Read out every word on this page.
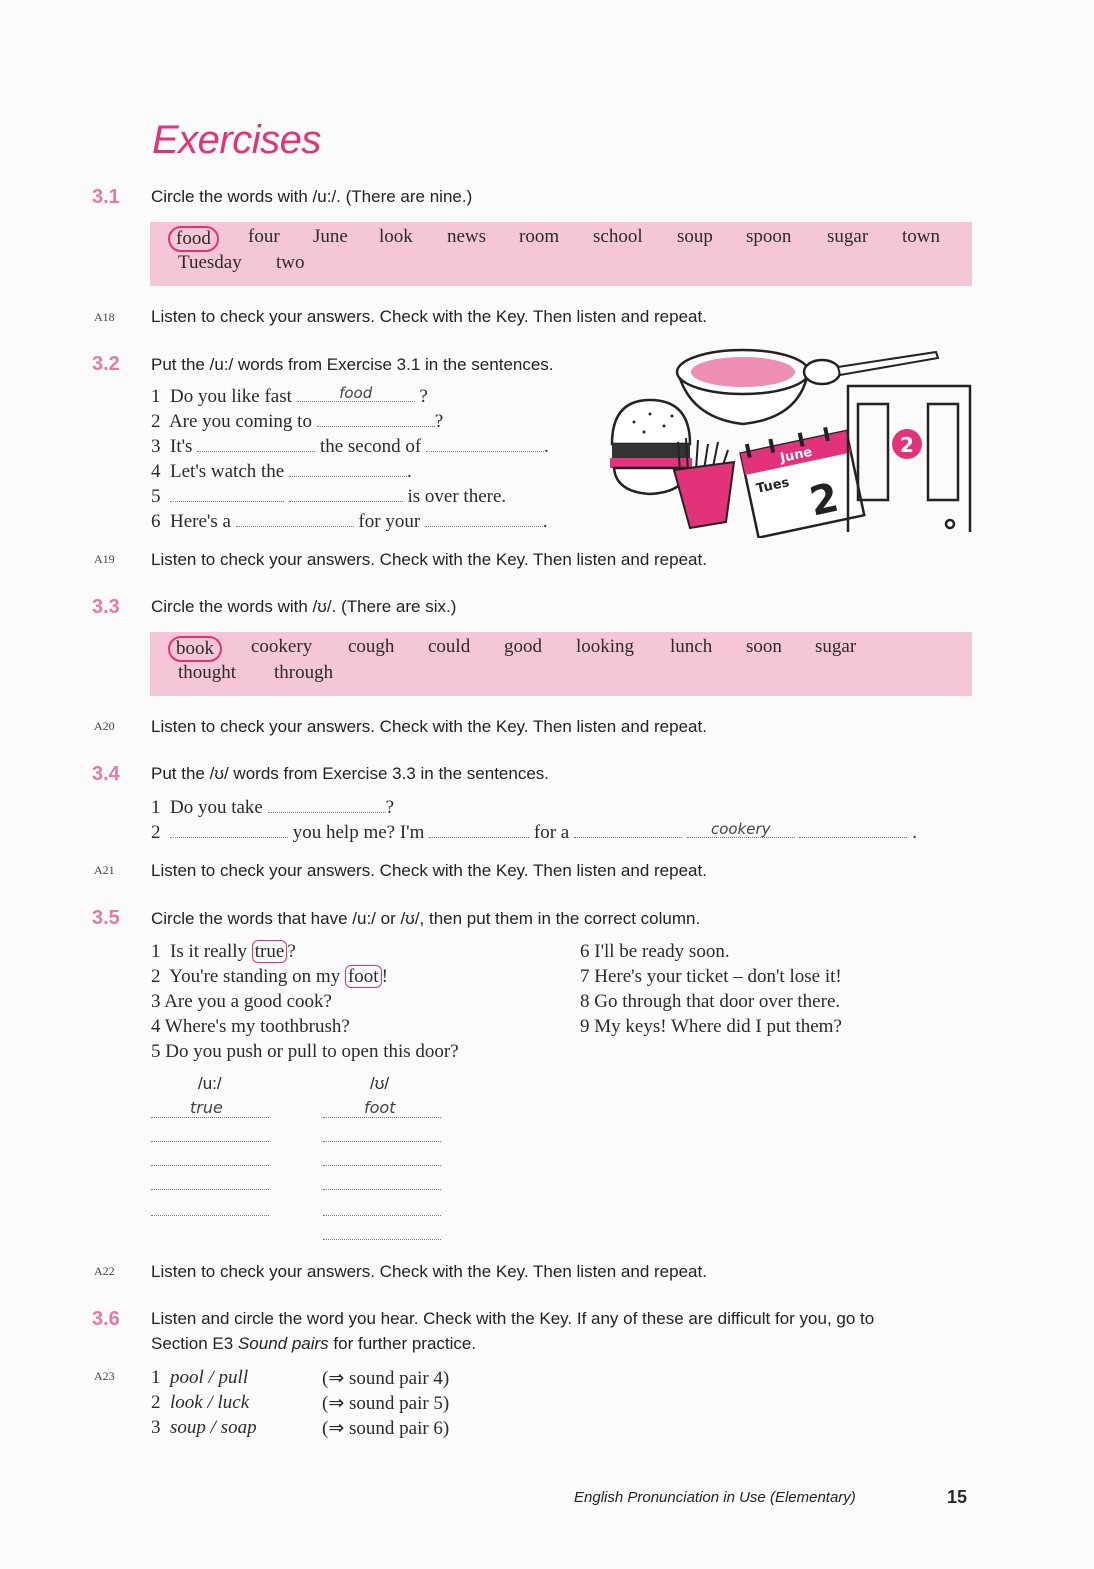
Exercises
3.1 Circle the words with /u:/. (There are nine.)
food	four June look news room school soup spoon sugar town
Tuesday two
A18 Listen to check your answers. Check with the Key. Then listen and repeat.
3.2 Put the /u:/ words from Exercise 3.1 in the sentences.
1 Do you like fast	food	?
2 Are you coming to	?
3 It's	the second of	.
4 Let's watch the	.
5	is over there.
6 Here's a	for your	.
June
Tues 2
2
A19 Listen to check your answers. Check with the Key. Then listen and repeat.
3.3 Circle the words with /ʊ/. (There are six.)
book	cookery cough could good looking lunch soon sugar
thought through
A20 Listen to check your answers. Check with the Key. Then listen and repeat.
3.4 Put the /ʊ/ words from Exercise 3.3 in the sentences.
1 Do you take	?
2	you help me? I'm	for a	cookery	.
A21 Listen to check your answers. Check with the Key. Then listen and repeat.
3.5 Circle the words that have /u:/ or /ʊ/, then put them in the correct column.
1 Is it really true ?
2 You're standing on my foot !
3 Are you a good cook?
4 Where's my toothbrush?
5 Do you push or pull to open this door?
6 I'll be ready soon.
7 Here's your ticket – don't lose it!
8 Go through that door over there.
9 My keys! Where did I put them?
/u:/	/ʊ/
true	foot
A22 Listen to check your answers. Check with the Key. Then listen and repeat.
3.6 Listen and circle the word you hear. Check with the Key. If any of these are difficult for you, go to
Section E3 Sound pairs for further practice.
A23 1 pool / pull	(⇒ sound pair 4)
2 look / luck	(⇒ sound pair 5)
3 soup / soap	(⇒ sound pair 6)
English Pronunciation in Use (Elementary)	15
